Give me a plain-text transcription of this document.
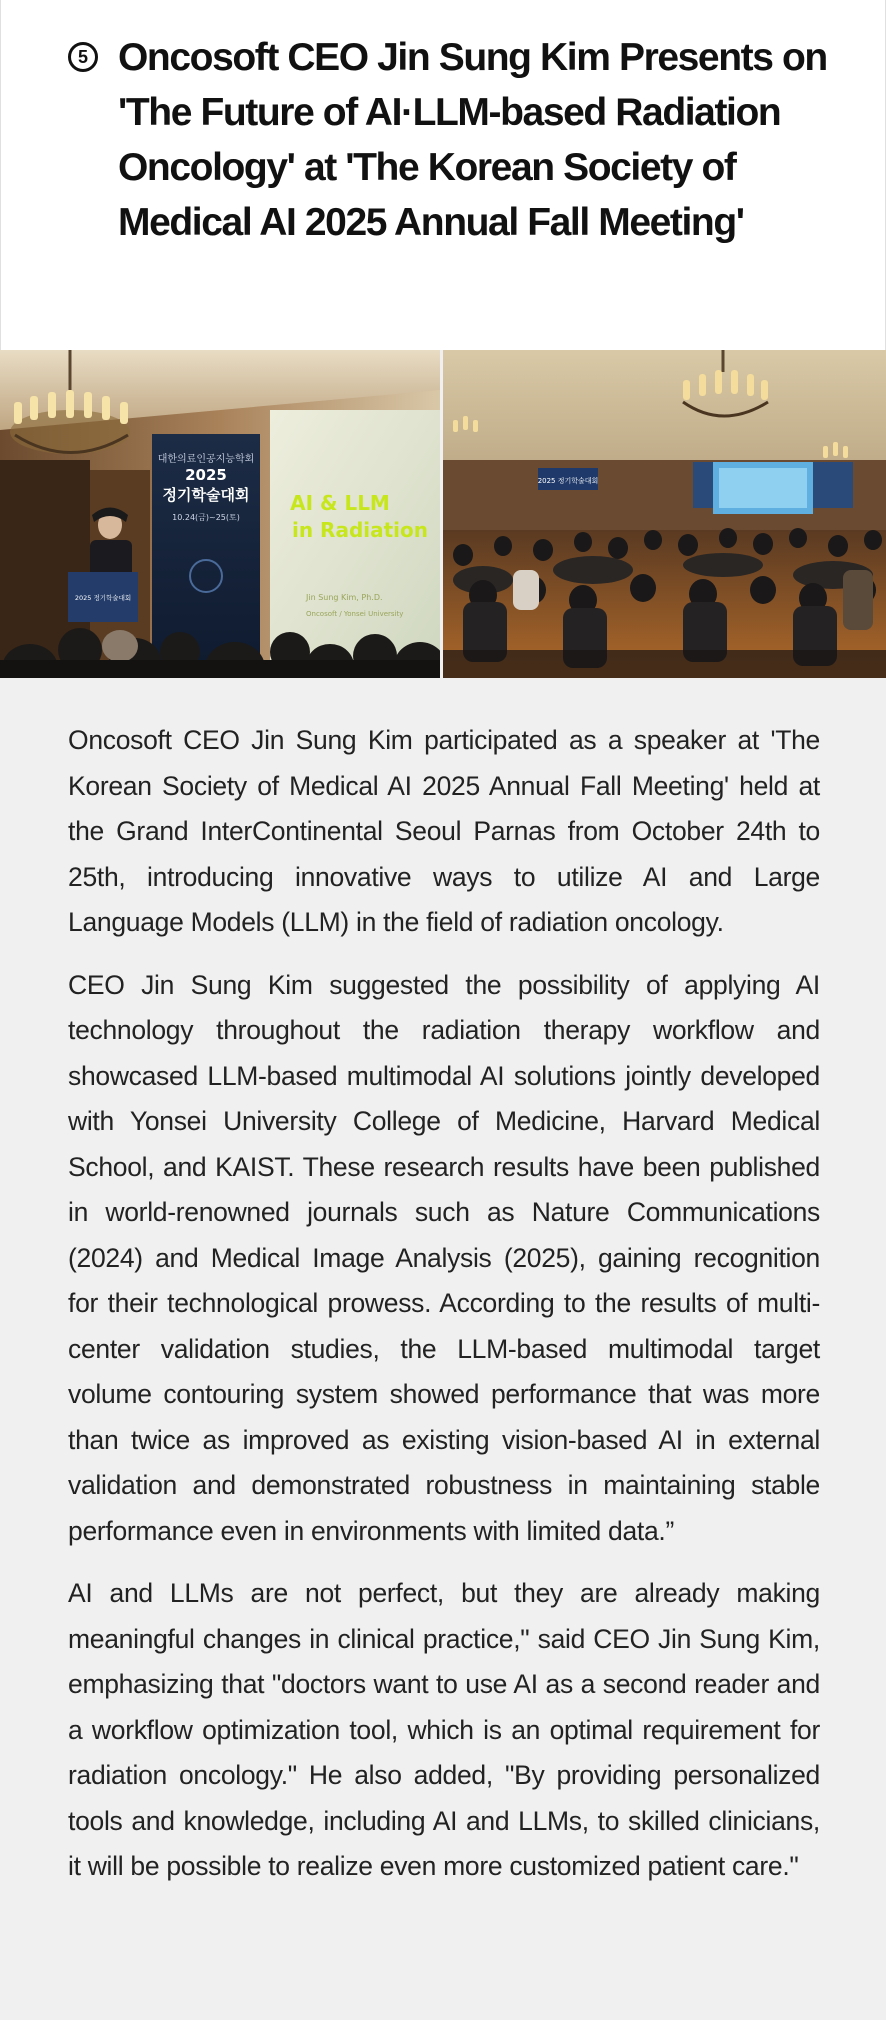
5 Oncosoft CEO Jin Sung Kim Presents on 'The Future of AI·LLM-based Radiation Oncology' at 'The Korean Society of Medical AI 2025 Annual Fall Meeting'
대한의료인공지능학회
2025
정기학술대회
10.24(금)~25(토)
AI & LLM
in Radiation
Jin Sung Kim, Ph.D.
Oncosoft / Yonsei University
2025 정기학술대회
2025 정기학술대회

Oncosoft CEO Jin Sung Kim participated as a speaker at 'The Korean Society of Medical AI 2025 Annual Fall Meeting' held at the Grand InterContinental Seoul Parnas from October 24th to 25th, introducing innovative ways to utilize AI and Large Language Models (LLM) in the field of radiation oncology.

CEO Jin Sung Kim suggested the possibility of applying AI technology throughout the radiation therapy workflow and showcased LLM-based multimodal AI solutions jointly developed with Yonsei University College of Medicine, Harvard Medical School, and KAIST. These research results have been published in world-renowned journals such as Nature Communications (2024) and Medical Image Analysis (2025), gaining recognition for their technological prowess. According to the results of multi-center validation studies, the LLM-based multimodal target volume contouring system showed performance that was more than twice as improved as existing vision-based AI in external validation and demonstrated robustness in maintaining stable performance even in environments with limited data.”

AI and LLMs are not perfect, but they are already making meaningful changes in clinical practice," said CEO Jin Sung Kim, emphasizing that "doctors want to use AI as a second reader and a workflow optimization tool, which is an optimal requirement for radiation oncology." He also added, "By providing personalized tools and knowledge, including AI and LLMs, to skilled clinicians, it will be possible to realize even more customized patient care."
